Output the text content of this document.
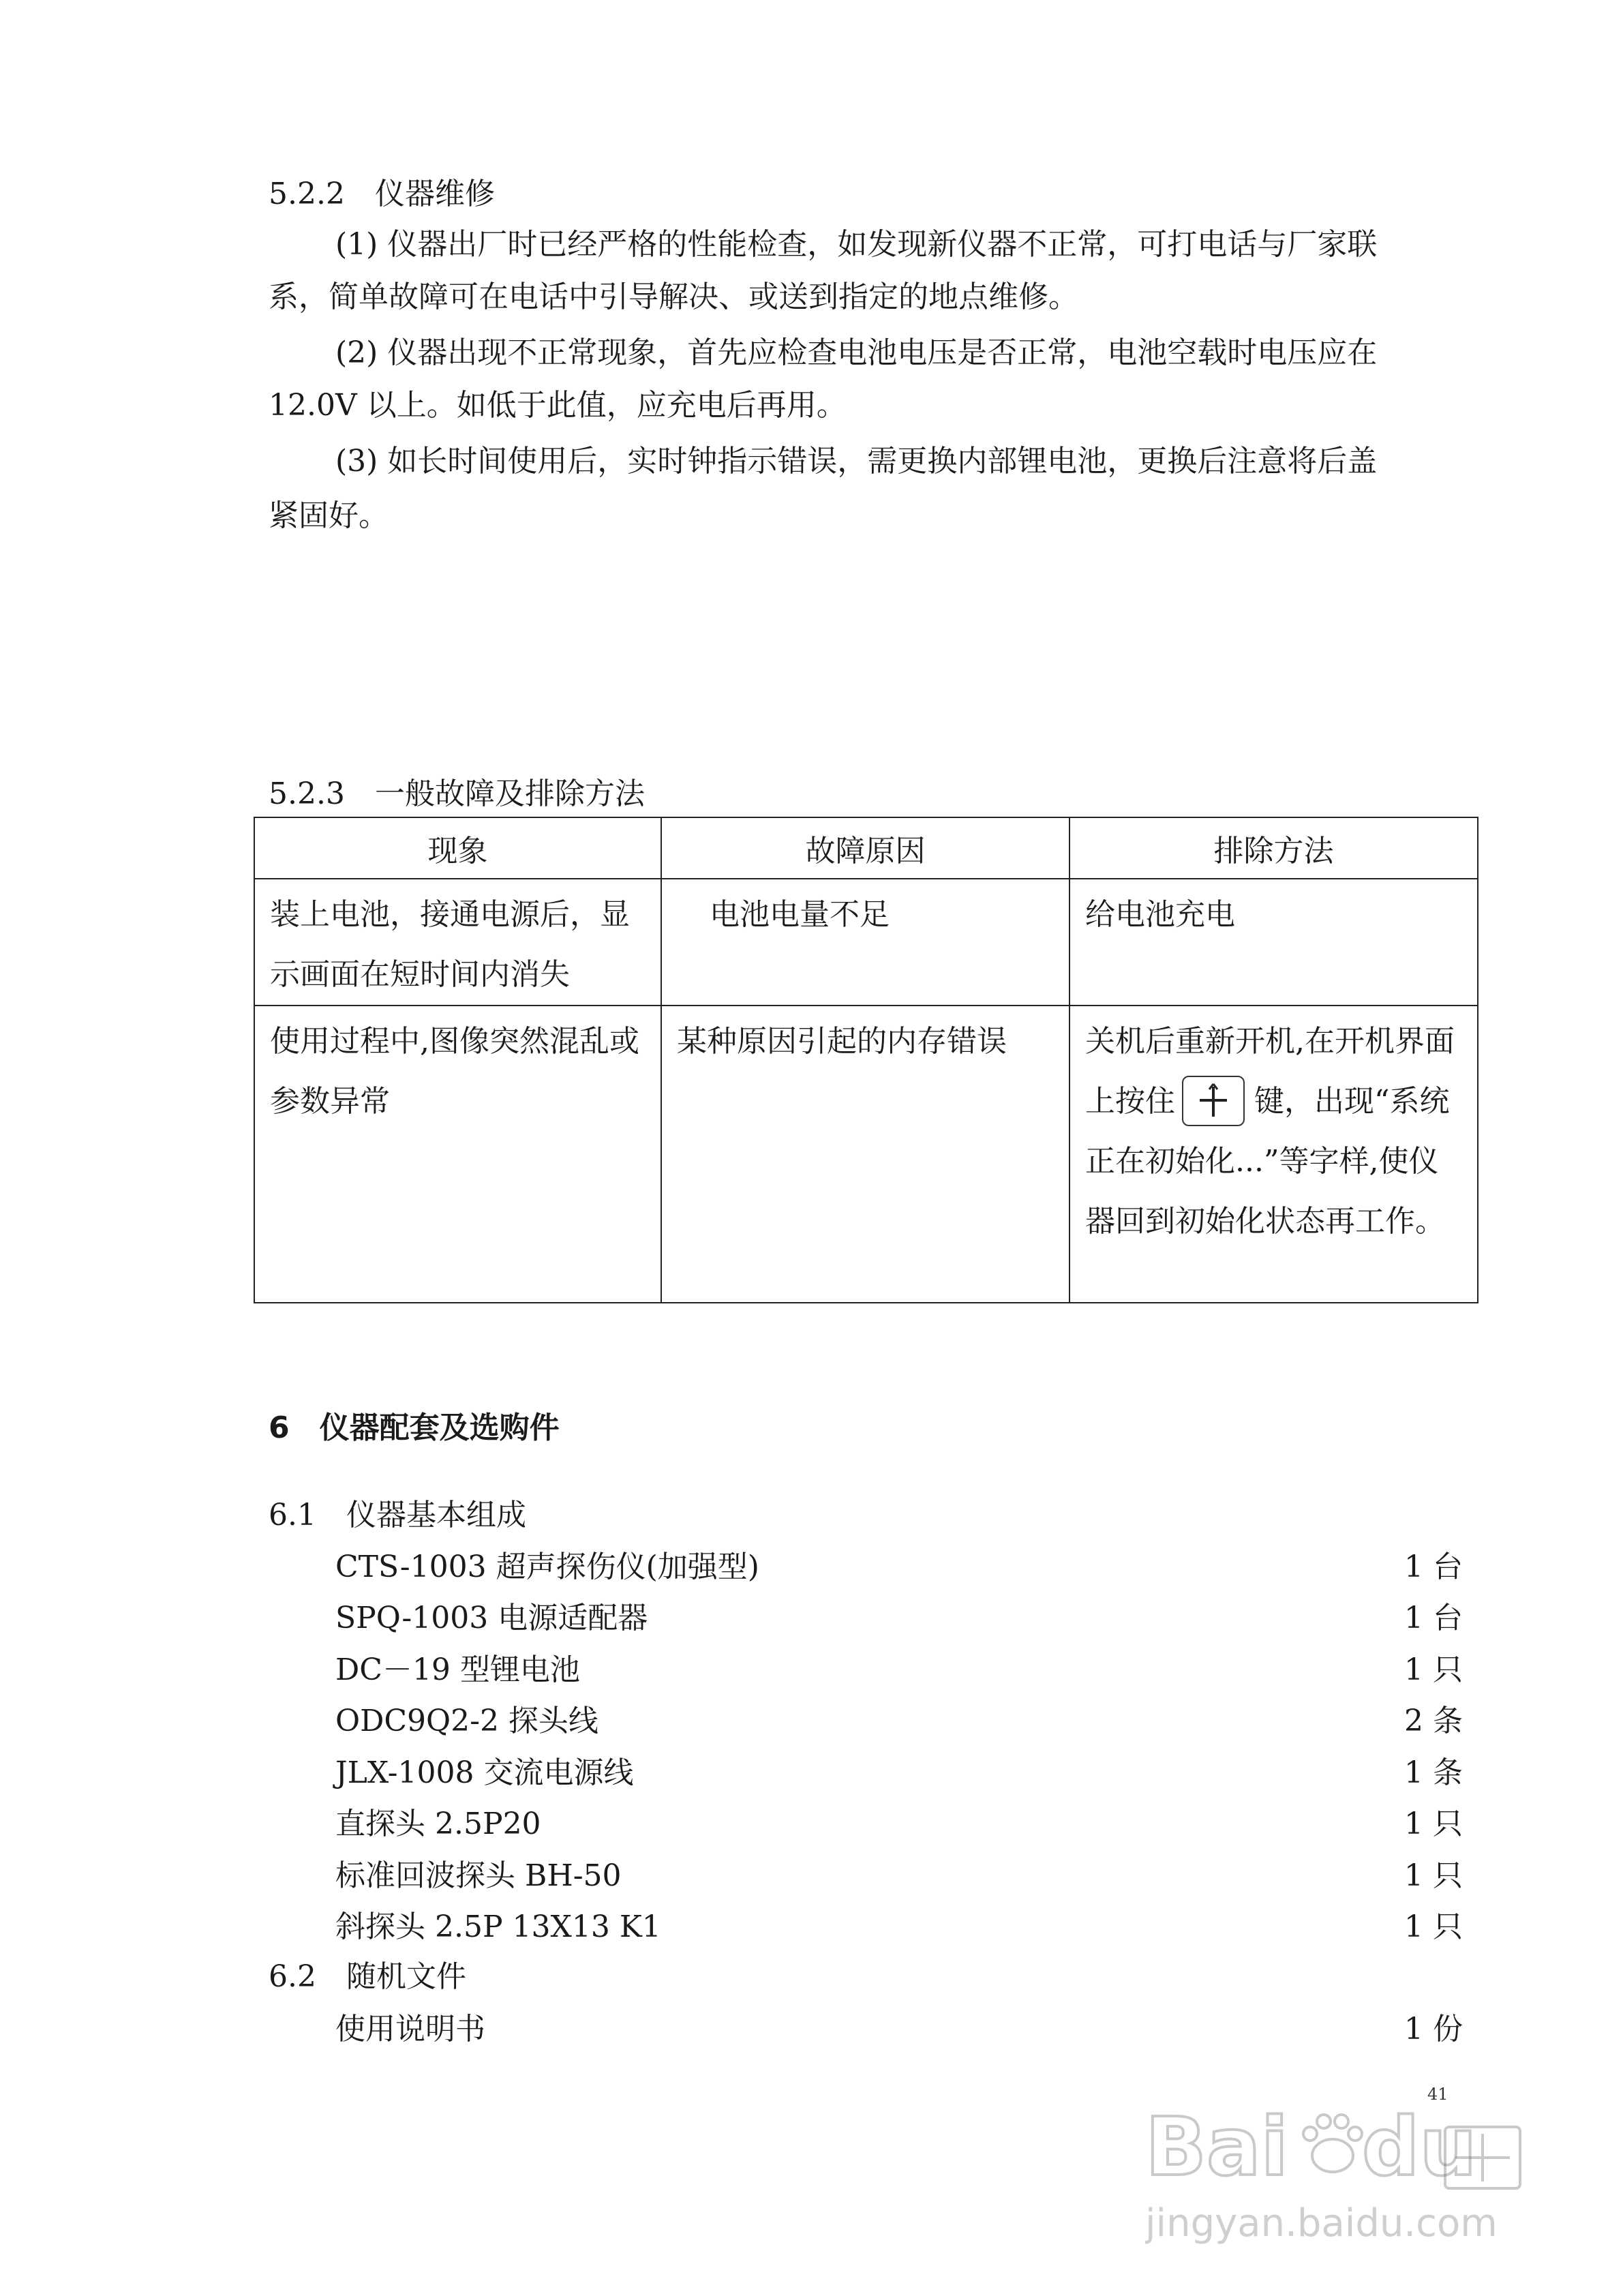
5.2.2　仪器维修
(1) 仪器出厂时已经严格的性能检查，如发现新仪器不正常，可打电话与厂家联
系，简单故障可在电话中引导解决、或送到指定的地点维修。
(2) 仪器出现不正常现象，首先应检查电池电压是否正常，电池空载时电压应在
12.0V 以上。如低于此值，应充电后再用。
(3) 如长时间使用后，实时钟指示错误，需更换内部锂电池，更换后注意将后盖
紧固好。
5.2.3　一般故障及排除方法
现象	故障原因	排除方法

装上电池，接通电源后，显示画面在短时间内消失	电池电量不足	给电池充电

使用过程中,图像突然混乱或参数异常	某种原因引起的内存错误	关机后重新开机,在开机界面上按住 键，出现“系统正在初始化...”等字样,使仪器回到初始化状态再工作。
6　仪器配套及选购件
6.1　仪器基本组成
CTS-1003 超声探伤仪(加强型)	1 台
SPQ-1003 电源适配器	1 台
DC－19 型锂电池	1 只
ODC9Q2-2 探头线	2 条
JLX-1008 交流电源线	1 条
直探头 2.5P20	1 只
标准回波探头 BH-50	1 只
斜探头 2.5P 13X13 K1	1 只
6.2　随机文件
使用说明书	1 份
41
Bai du
jingyan.baidu.com
